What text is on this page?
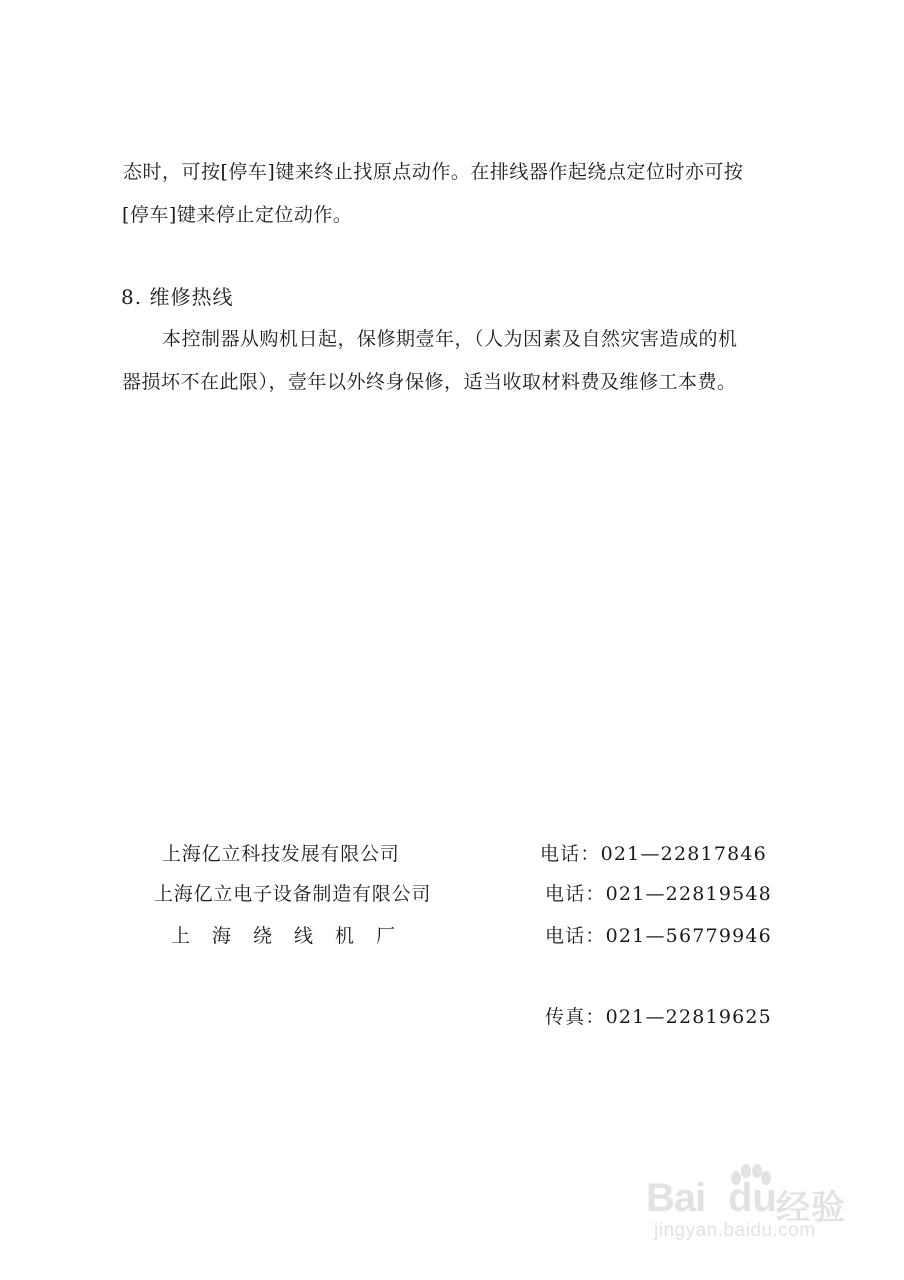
态时，可按[停车]键来终止找原点动作。在排线器作起绕点定位时亦可按
[停车]键来停止定位动作。
8. 维修热线
本控制器从购机日起，保修期壹年，（人为因素及自然灾害造成的机
器损坏不在此限），壹年以外终身保修，适当收取材料费及维修工本费。
上海亿立科技发展有限公司	电话：021—22817846
上海亿立电子设备制造有限公司	电话：021—22819548
上海绕线机厂	电话：021—56779946
传真：021—22819625
Bai du 经验
jingyan.baidu.com
